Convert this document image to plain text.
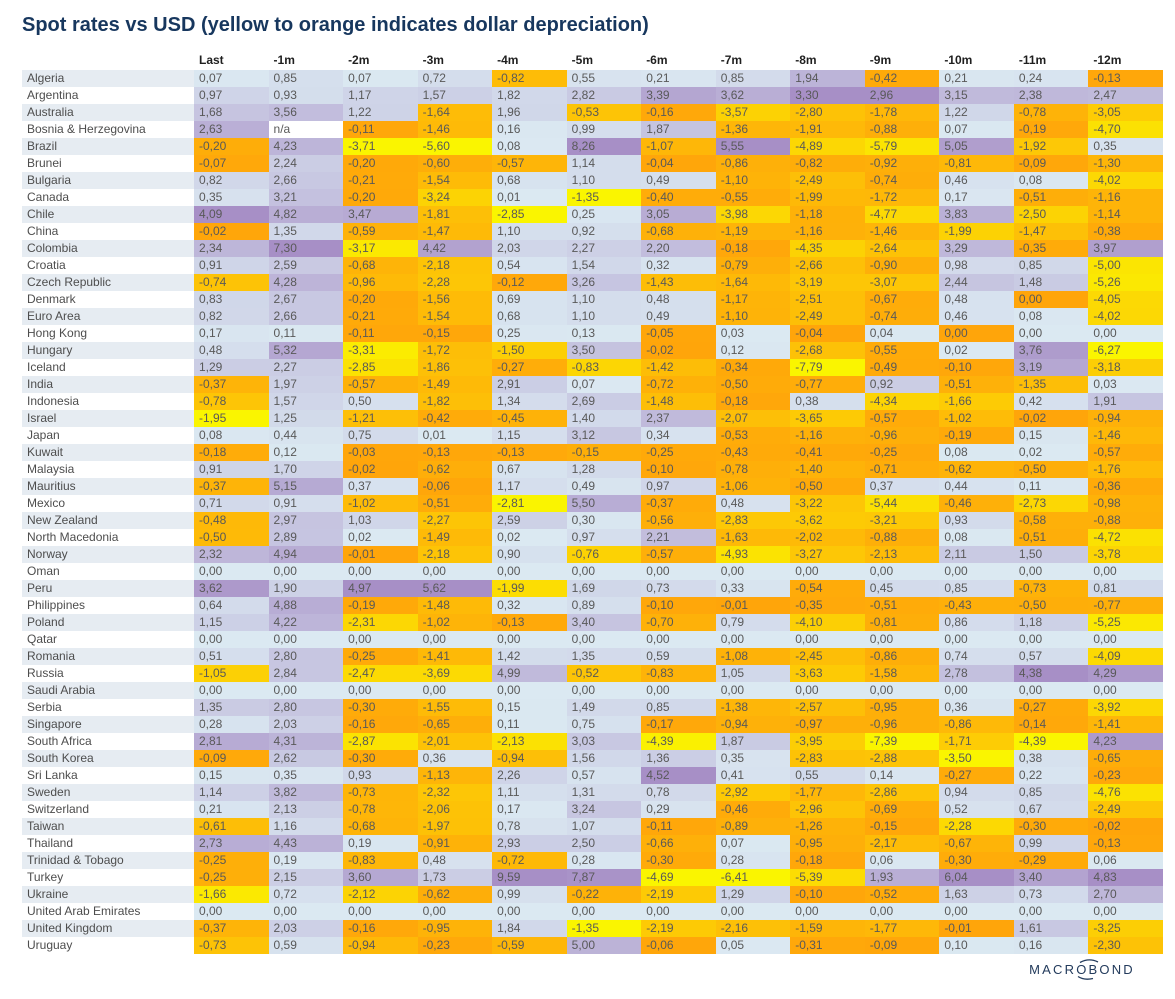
Spot rates vs USD (yellow to orange indicates dollar depreciation)
	Last	-1m	-2m	-3m	-4m	-5m	-6m	-7m	-8m	-9m	-10m	-11m	-12m
Algeria	0,07	0,85	0,07	0,72	-0,82	0,55	0,21	0,85	1,94	-0,42	0,21	0,24	-0,13
Argentina	0,97	0,93	1,17	1,57	1,82	2,82	3,39	3,62	3,30	2,96	3,15	2,38	2,47
Australia	1,68	3,56	1,22	-1,64	1,96	-0,53	-0,16	-3,57	-2,80	-1,78	1,22	-0,78	-3,05
Bosnia & Herzegovina	2,63	n/a	-0,11	-1,46	0,16	0,99	1,87	-1,36	-1,91	-0,88	0,07	-0,19	-4,70
Brazil	-0,20	4,23	-3,71	-5,60	0,08	8,26	-1,07	5,55	-4,89	-5,79	5,05	-1,92	0,35
Brunei	-0,07	2,24	-0,20	-0,60	-0,57	1,14	-0,04	-0,86	-0,82	-0,92	-0,81	-0,09	-1,30
Bulgaria	0,82	2,66	-0,21	-1,54	0,68	1,10	0,49	-1,10	-2,49	-0,74	0,46	0,08	-4,02
Canada	0,35	3,21	-0,20	-3,24	0,01	-1,35	-0,40	-0,55	-1,99	-1,72	0,17	-0,51	-1,16
Chile	4,09	4,82	3,47	-1,81	-2,85	0,25	3,05	-3,98	-1,18	-4,77	3,83	-2,50	-1,14
China	-0,02	1,35	-0,59	-1,47	1,10	0,92	-0,68	-1,19	-1,16	-1,46	-1,99	-1,47	-0,38
Colombia	2,34	7,30	-3,17	4,42	2,03	2,27	2,20	-0,18	-4,35	-2,64	3,29	-0,35	3,97
Croatia	0,91	2,59	-0,68	-2,18	0,54	1,54	0,32	-0,79	-2,66	-0,90	0,98	0,85	-5,00
Czech Republic	-0,74	4,28	-0,96	-2,28	-0,12	3,26	-1,43	-1,64	-3,19	-3,07	2,44	1,48	-5,26
Denmark	0,83	2,67	-0,20	-1,56	0,69	1,10	0,48	-1,17	-2,51	-0,67	0,48	0,00	-4,05
Euro Area	0,82	2,66	-0,21	-1,54	0,68	1,10	0,49	-1,10	-2,49	-0,74	0,46	0,08	-4,02
Hong Kong	0,17	0,11	-0,11	-0,15	0,25	0,13	-0,05	0,03	-0,04	0,04	0,00	0,00	0,00
Hungary	0,48	5,32	-3,31	-1,72	-1,50	3,50	-0,02	0,12	-2,68	-0,55	0,02	3,76	-6,27
Iceland	1,29	2,27	-2,85	-1,86	-0,27	-0,83	-1,42	-0,34	-7,79	-0,49	-0,10	3,19	-3,18
India	-0,37	1,97	-0,57	-1,49	2,91	0,07	-0,72	-0,50	-0,77	0,92	-0,51	-1,35	0,03
Indonesia	-0,78	1,57	0,50	-1,82	1,34	2,69	-1,48	-0,18	0,38	-4,34	-1,66	0,42	1,91
Israel	-1,95	1,25	-1,21	-0,42	-0,45	1,40	2,37	-2,07	-3,65	-0,57	-1,02	-0,02	-0,94
Japan	0,08	0,44	0,75	0,01	1,15	3,12	0,34	-0,53	-1,16	-0,96	-0,19	0,15	-1,46
Kuwait	-0,18	0,12	-0,03	-0,13	-0,13	-0,15	-0,25	-0,43	-0,41	-0,25	0,08	0,02	-0,57
Malaysia	0,91	1,70	-0,02	-0,62	0,67	1,28	-0,10	-0,78	-1,40	-0,71	-0,62	-0,50	-1,76
Mauritius	-0,37	5,15	0,37	-0,06	1,17	0,49	0,97	-1,06	-0,50	0,37	0,44	0,11	-0,36
Mexico	0,71	0,91	-1,02	-0,51	-2,81	5,50	-0,37	0,48	-3,22	-5,44	-0,46	-2,73	-0,98
New Zealand	-0,48	2,97	1,03	-2,27	2,59	0,30	-0,56	-2,83	-3,62	-3,21	0,93	-0,58	-0,88
North Macedonia	-0,50	2,89	0,02	-1,49	0,02	0,97	2,21	-1,63	-2,02	-0,88	0,08	-0,51	-4,72
Norway	2,32	4,94	-0,01	-2,18	0,90	-0,76	-0,57	-4,93	-3,27	-2,13	2,11	1,50	-3,78
Oman	0,00	0,00	0,00	0,00	0,00	0,00	0,00	0,00	0,00	0,00	0,00	0,00	0,00
Peru	3,62	1,90	4,97	5,62	-1,99	1,69	0,73	0,33	-0,54	0,45	0,85	-0,73	0,81
Philippines	0,64	4,88	-0,19	-1,48	0,32	0,89	-0,10	-0,01	-0,35	-0,51	-0,43	-0,50	-0,77
Poland	1,15	4,22	-2,31	-1,02	-0,13	3,40	-0,70	0,79	-4,10	-0,81	0,86	1,18	-5,25
Qatar	0,00	0,00	0,00	0,00	0,00	0,00	0,00	0,00	0,00	0,00	0,00	0,00	0,00
Romania	0,51	2,80	-0,25	-1,41	1,42	1,35	0,59	-1,08	-2,45	-0,86	0,74	0,57	-4,09
Russia	-1,05	2,84	-2,47	-3,69	4,99	-0,52	-0,83	1,05	-3,63	-1,58	2,78	4,38	4,29
Saudi Arabia	0,00	0,00	0,00	0,00	0,00	0,00	0,00	0,00	0,00	0,00	0,00	0,00	0,00
Serbia	1,35	2,80	-0,30	-1,55	0,15	1,49	0,85	-1,38	-2,57	-0,95	0,36	-0,27	-3,92
Singapore	0,28	2,03	-0,16	-0,65	0,11	0,75	-0,17	-0,94	-0,97	-0,96	-0,86	-0,14	-1,41
South Africa	2,81	4,31	-2,87	-2,01	-2,13	3,03	-4,39	1,87	-3,95	-7,39	-1,71	-4,39	4,23
South Korea	-0,09	2,62	-0,30	0,36	-0,94	1,56	1,36	0,35	-2,83	-2,88	-3,50	0,38	-0,65
Sri Lanka	0,15	0,35	0,93	-1,13	2,26	0,57	4,52	0,41	0,55	0,14	-0,27	0,22	-0,23
Sweden	1,14	3,82	-0,73	-2,32	1,11	1,31	0,78	-2,92	-1,77	-2,86	0,94	0,85	-4,76
Switzerland	0,21	2,13	-0,78	-2,06	0,17	3,24	0,29	-0,46	-2,96	-0,69	0,52	0,67	-2,49
Taiwan	-0,61	1,16	-0,68	-1,97	0,78	1,07	-0,11	-0,89	-1,26	-0,15	-2,28	-0,30	-0,02
Thailand	2,73	4,43	0,19	-0,91	2,93	2,50	-0,66	0,07	-0,95	-2,17	-0,67	0,99	-0,13
Trinidad & Tobago	-0,25	0,19	-0,83	0,48	-0,72	0,28	-0,30	0,28	-0,18	0,06	-0,30	-0,29	0,06
Turkey	-0,25	2,15	3,60	1,73	9,59	7,87	-4,69	-6,41	-5,39	1,93	6,04	3,40	4,83
Ukraine	-1,66	0,72	-2,12	-0,62	0,99	-0,22	-2,19	1,29	-0,10	-0,52	1,63	0,73	2,70
United Arab Emirates	0,00	0,00	0,00	0,00	0,00	0,00	0,00	0,00	0,00	0,00	0,00	0,00	0,00
United Kingdom	-0,37	2,03	-0,16	-0,95	1,84	-1,35	-2,19	-2,16	-1,59	-1,77	-0,01	1,61	-3,25
Uruguay	-0,73	0,59	-0,94	-0,23	-0,59	5,00	-0,06	0,05	-0,31	-0,09	0,10	0,16	-2,30
MACROBOND
